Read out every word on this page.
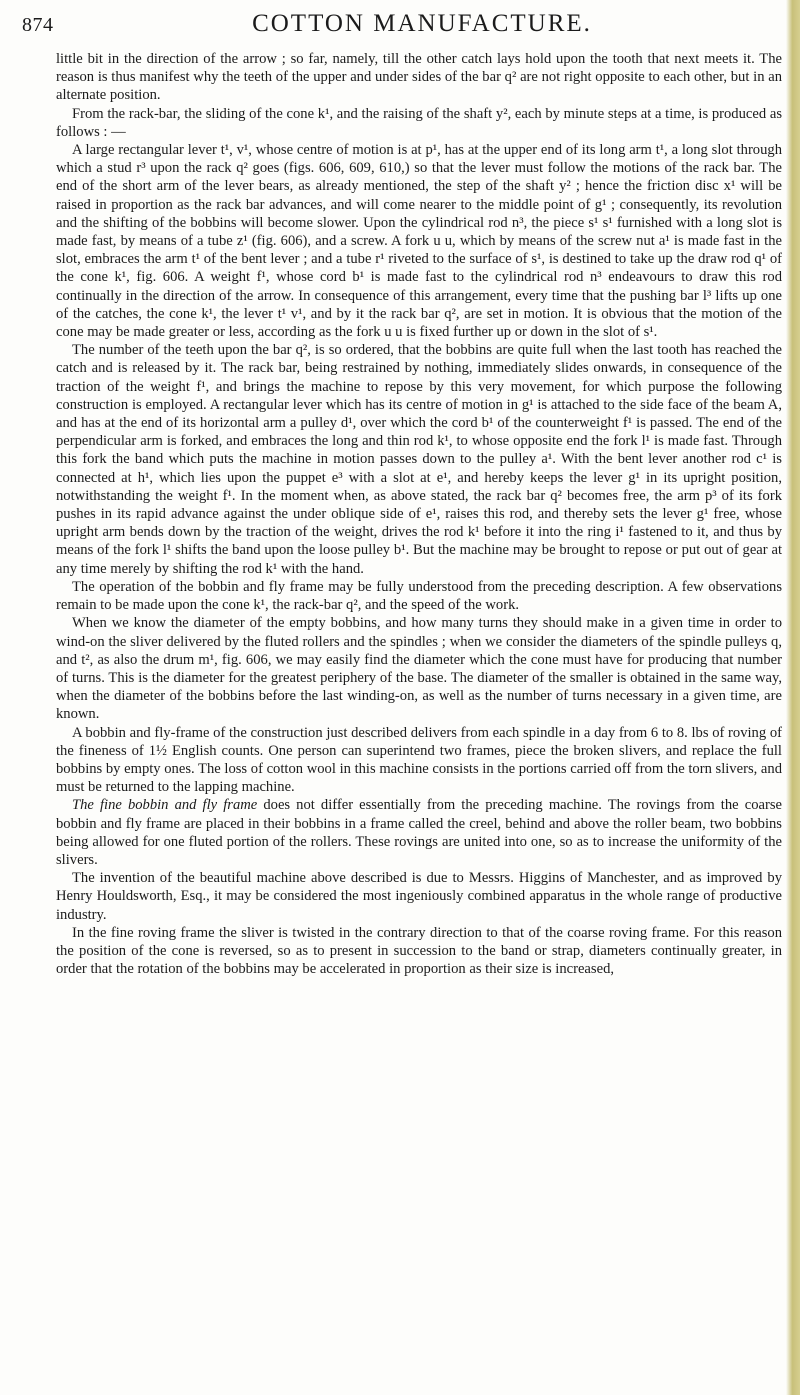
874	COTTON MANUFACTURE.

little bit in the direction of the arrow ; so far, namely, till the other catch lays hold upon the tooth that next meets it. The reason is thus manifest why the teeth of the upper and under sides of the bar q² are not right opposite to each other, but in an alternate position.

From the rack-bar, the sliding of the cone k¹, and the raising of the shaft y², each by minute steps at a time, is produced as follows : —

A large rectangular lever t¹, v¹, whose centre of motion is at p¹, has at the upper end of its long arm t¹, a long slot through which a stud r³ upon the rack q² goes (figs. 606, 609, 610,) so that the lever must follow the motions of the rack bar. The end of the short arm of the lever bears, as already mentioned, the step of the shaft y² ; hence the friction disc x¹ will be raised in proportion as the rack bar advances, and will come nearer to the middle point of g¹ ; consequently, its revolution and the shifting of the bobbins will become slower. Upon the cylindrical rod n³, the piece s¹ s¹ furnished with a long slot is made fast, by means of a tube z¹ (fig. 606), and a screw. A fork u u, which by means of the screw nut a¹ is made fast in the slot, embraces the arm t¹ of the bent lever ; and a tube r¹ riveted to the surface of s¹, is destined to take up the draw rod q¹ of the cone k¹, fig. 606. A weight f¹, whose cord b¹ is made fast to the cylindrical rod n³ endeavours to draw this rod continually in the direction of the arrow. In consequence of this arrangement, every time that the pushing bar l³ lifts up one of the catches, the cone k¹, the lever t¹ v¹, and by it the rack bar q², are set in motion. It is obvious that the motion of the cone may be made greater or less, according as the fork u u is fixed further up or down in the slot of s¹.

The number of the teeth upon the bar q², is so ordered, that the bobbins are quite full when the last tooth has reached the catch and is released by it. The rack bar, being restrained by nothing, immediately slides onwards, in consequence of the traction of the weight f¹, and brings the machine to repose by this very movement, for which purpose the following construction is employed. A rectangular lever which has its centre of motion in g¹ is attached to the side face of the beam A, and has at the end of its horizontal arm a pulley d¹, over which the cord b¹ of the counterweight f¹ is passed. The end of the perpendicular arm is forked, and embraces the long and thin rod k¹, to whose opposite end the fork l¹ is made fast. Through this fork the band which puts the machine in motion passes down to the pulley a¹. With the bent lever another rod c¹ is connected at h¹, which lies upon the puppet e³ with a slot at e¹, and hereby keeps the lever g¹ in its upright position, notwithstanding the weight f¹. In the moment when, as above stated, the rack bar q² becomes free, the arm p³ of its fork pushes in its rapid advance against the under oblique side of e¹, raises this rod, and thereby sets the lever g¹ free, whose upright arm bends down by the traction of the weight, drives the rod k¹ before it into the ring i¹ fastened to it, and thus by means of the fork l¹ shifts the band upon the loose pulley b¹. But the machine may be brought to repose or put out of gear at any time merely by shifting the rod k¹ with the hand.

The operation of the bobbin and fly frame may be fully understood from the preceding description. A few observations remain to be made upon the cone k¹, the rack-bar q², and the speed of the work.

When we know the diameter of the empty bobbins, and how many turns they should make in a given time in order to wind-on the sliver delivered by the fluted rollers and the spindles ; when we consider the diameters of the spindle pulleys q, and t², as also the drum m¹, fig. 606, we may easily find the diameter which the cone must have for producing that number of turns. This is the diameter for the greatest periphery of the base. The diameter of the smaller is obtained in the same way, when the diameter of the bobbins before the last winding-on, as well as the number of turns necessary in a given time, are known.

A bobbin and fly-frame of the construction just described delivers from each spindle in a day from 6 to 8. lbs of roving of the fineness of 1½ English counts. One person can superintend two frames, piece the broken slivers, and replace the full bobbins by empty ones. The loss of cotton wool in this machine consists in the portions carried off from the torn slivers, and must be returned to the lapping machine.

The fine bobbin and fly frame does not differ essentially from the preceding machine. The rovings from the coarse bobbin and fly frame are placed in their bobbins in a frame called the creel, behind and above the roller beam, two bobbins being allowed for one fluted portion of the rollers. These rovings are united into one, so as to increase the uniformity of the slivers.

The invention of the beautiful machine above described is due to Messrs. Higgins of Manchester, and as improved by Henry Houldsworth, Esq., it may be considered the most ingeniously combined apparatus in the whole range of productive industry.

In the fine roving frame the sliver is twisted in the contrary direction to that of the coarse roving frame. For this reason the position of the cone is reversed, so as to present in succession to the band or strap, diameters continually greater, in order that the rotation of the bobbins may be accelerated in proportion as their size is increased,
